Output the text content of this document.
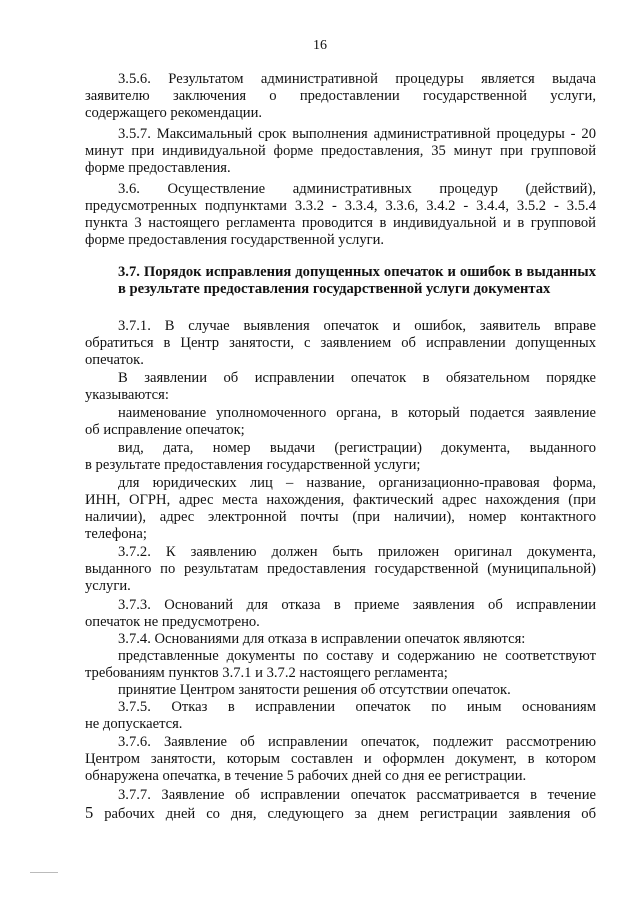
16
3.5.6. Результатом административной процедуры является выдача
заявителю заключения о предоставлении государственной услуги,
содержащего рекомендации.
3.5.7. Максимальный срок выполнения административной процедуры - 20
минут при индивидуальной форме предоставления, 35 минут при групповой
форме предоставления.
3.6. Осуществление административных процедур (действий),
предусмотренных подпунктами 3.3.2 - 3.3.4, 3.3.6, 3.4.2 - 3.4.4, 3.5.2 - 3.5.4
пункта 3 настоящего регламента проводится в индивидуальной и в групповой
форме предоставления государственной услуги.
3.7. Порядок исправления допущенных опечаток и ошибок в выданных
в результате предоставления государственной услуги документах
3.7.1. В случае выявления опечаток и ошибок, заявитель вправе
обратиться в Центр занятости, с заявлением об исправлении допущенных
опечаток.
В заявлении об исправлении опечаток в обязательном порядке
указываются:
наименование уполномоченного органа, в который подается заявление
об исправление опечаток;
вид, дата, номер выдачи (регистрации) документа, выданного
в результате предоставления государственной услуги;
для юридических лиц – название, организационно-правовая форма,
ИНН, ОГРН, адрес места нахождения, фактический адрес нахождения (при
наличии), адрес электронной почты (при наличии), номер контактного
телефона;
3.7.2. К заявлению должен быть приложен оригинал документа,
выданного по результатам предоставления государственной (муниципальной)
услуги.
3.7.3. Оснований для отказа в приеме заявления об исправлении
опечаток не предусмотрено.
3.7.4. Основаниями для отказа в исправлении опечаток являются:
представленные документы по составу и содержанию не соответствуют
требованиям пунктов 3.7.1 и 3.7.2 настоящего регламента;
принятие Центром занятости решения об отсутствии опечаток.
3.7.5. Отказ в исправлении опечаток по иным основаниям
не допускается.
3.7.6. Заявление об исправлении опечаток, подлежит рассмотрению
Центром занятости, которым составлен и оформлен документ, в котором
обнаружена опечатка, в течение 5 рабочих дней со дня ее регистрации.
3.7.7. Заявление об исправлении опечаток рассматривается в течение
5 рабочих дней со дня, следующего за днем регистрации заявления об
